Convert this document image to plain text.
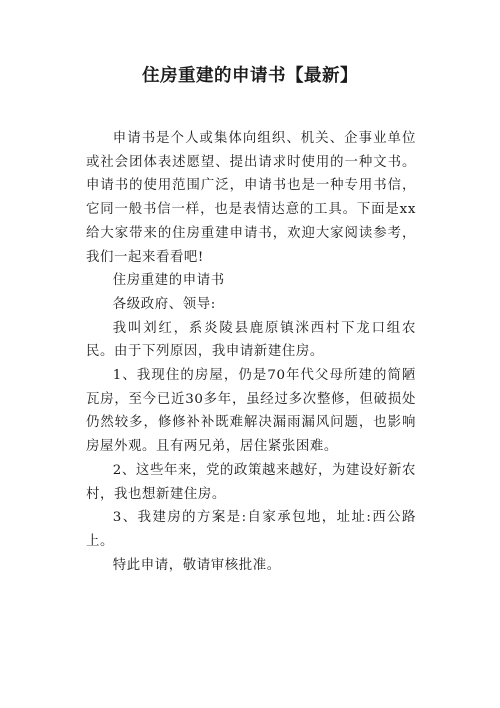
住房重建的申请书【最新】

申请书是个人或集体向组织、机关、企事业单位或社会团体表述愿望、提出请求时使用的一种文书。申请书的使用范围广泛，申请书也是一种专用书信，它同一般书信一样，也是表情达意的工具。下面是xx给大家带来的住房重建申请书，欢迎大家阅读参考，我们一起来看看吧!

住房重建的申请书

各级政府、领导:

我叫刘红，系炎陵县鹿原镇洣西村下龙口组农民。由于下列原因，我申请新建住房。

1、我现住的房屋，仍是70年代父母所建的简陋瓦房，至今已近30多年，虽经过多次整修，但破损处仍然较多，修修补补既难解决漏雨漏风问题，也影响房屋外观。且有两兄弟，居住紧张困难。

2、这些年来，党的政策越来越好，为建设好新农村，我也想新建住房。

3、我建房的方案是:自家承包地，址址:西公路上。

特此申请，敬请审核批准。
